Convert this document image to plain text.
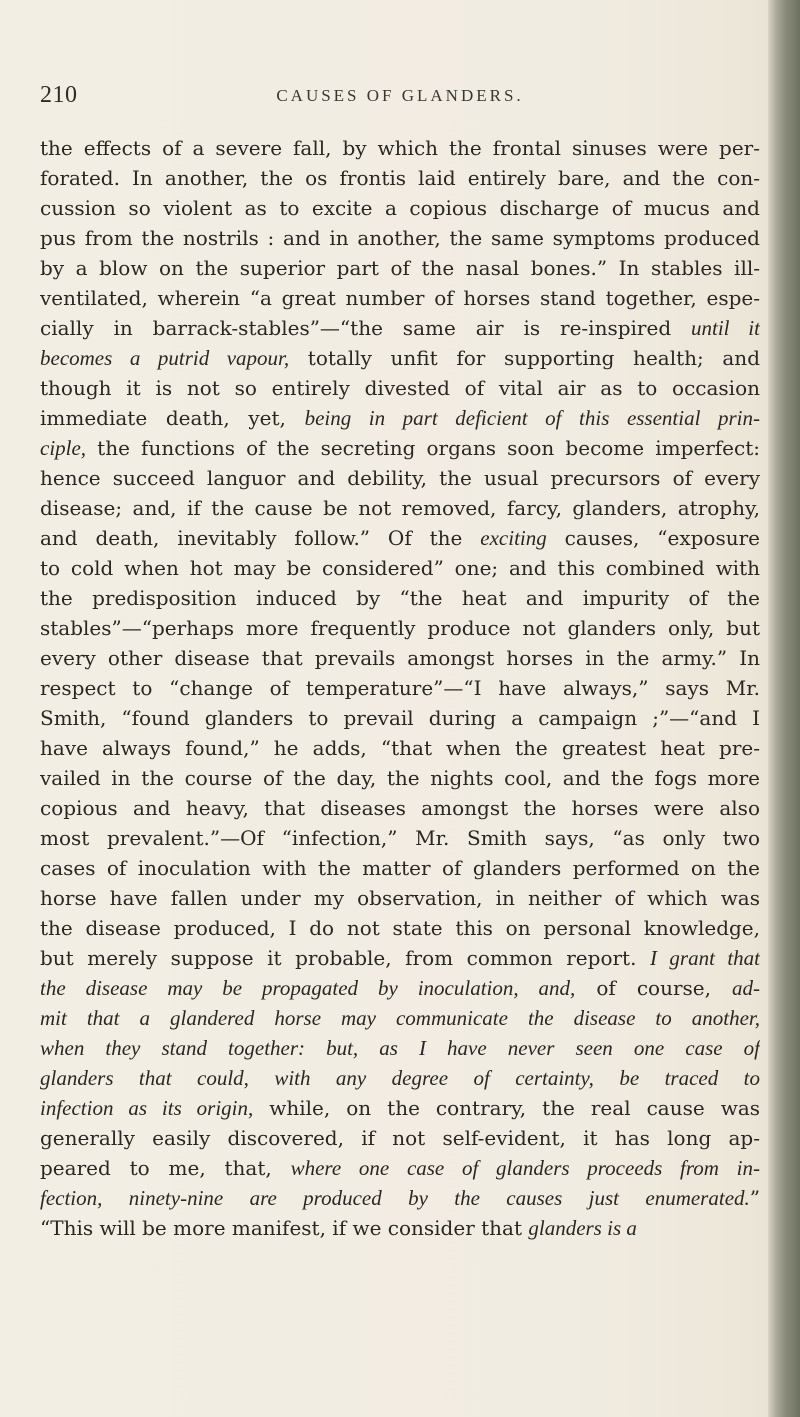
210	CAUSES OF GLANDERS.
the effects of a severe fall, by which the frontal sinuses were per-
forated. In another, the os frontis laid entirely bare, and the con-
cussion so violent as to excite a copious discharge of mucus and
pus from the nostrils : and in another, the same symptoms produced
by a blow on the superior part of the nasal bones.” In stables ill-
ventilated, wherein “a great number of horses stand together, espe-
cially in barrack-stables”—“the same air is re-inspired until it
becomes a putrid vapour, totally unfit for supporting health; and
though it is not so entirely divested of vital air as to occasion
immediate death, yet, being in part deficient of this essential prin-
ciple, the functions of the secreting organs soon become imperfect:
hence succeed languor and debility, the usual precursors of every
disease; and, if the cause be not removed, farcy, glanders, atrophy,
and death, inevitably follow.” Of the exciting causes, “exposure
to cold when hot may be considered” one; and this combined with
the predisposition induced by “the heat and impurity of the
stables”—“perhaps more frequently produce not glanders only, but
every other disease that prevails amongst horses in the army.” In
respect to “change of temperature”—“I have always,” says Mr.
Smith, “found glanders to prevail during a campaign ;”—“and I
have always found,” he adds, “that when the greatest heat pre-
vailed in the course of the day, the nights cool, and the fogs more
copious and heavy, that diseases amongst the horses were also
most prevalent.”—Of “infection,” Mr. Smith says, “as only two
cases of inoculation with the matter of glanders performed on the
horse have fallen under my observation, in neither of which was
the disease produced, I do not state this on personal knowledge,
but merely suppose it probable, from common report. I grant that
the disease may be propagated by inoculation, and, of course, ad-
mit that a glandered horse may communicate the disease to another,
when they stand together: but, as I have never seen one case of
glanders that could, with any degree of certainty, be traced to
infection as its origin, while, on the contrary, the real cause was
generally easily discovered, if not self-evident, it has long ap-
peared to me, that, where one case of glanders proceeds from in-
fection, ninety-nine are produced by the causes just enumerated.”
“This will be more manifest, if we consider that glanders is a
